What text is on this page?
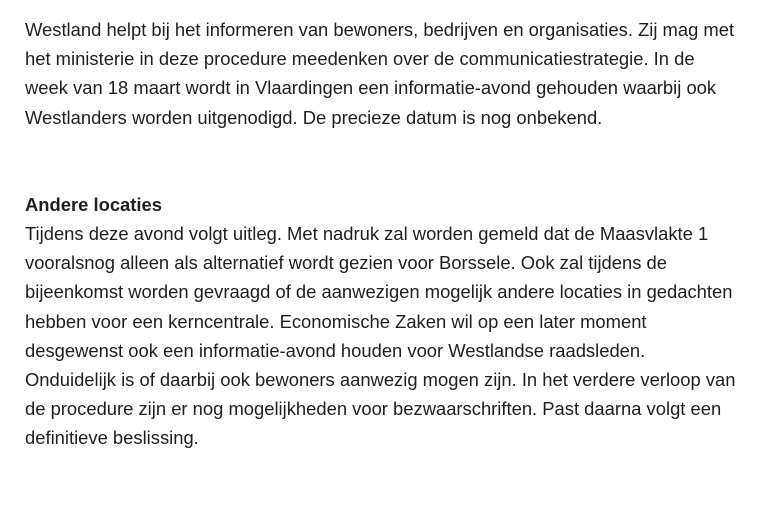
Westland helpt bij het informeren van bewoners, bedrijven en organisaties. Zij mag met het ministerie in deze procedure meedenken over de communicatiestrategie. In de week van 18 maart wordt in Vlaardingen een informatie-avond gehouden waarbij ook Westlanders worden uitgenodigd. De precieze datum is nog onbekend.

Andere locaties

Tijdens deze avond volgt uitleg. Met nadruk zal worden gemeld dat de Maasvlakte 1 vooralsnog alleen als alternatief wordt gezien voor Borssele. Ook zal tijdens de bijeenkomst worden gevraagd of de aanwezigen mogelijk andere locaties in gedachten hebben voor een kerncentrale. Economische Zaken wil op een later moment desgewenst ook een informatie-avond houden voor Westlandse raadsleden. Onduidelijk is of daarbij ook bewoners aanwezig mogen zijn. In het verdere verloop van de procedure zijn er nog mogelijkheden voor bezwaarschriften. Past daarna volgt een definitieve beslissing.
